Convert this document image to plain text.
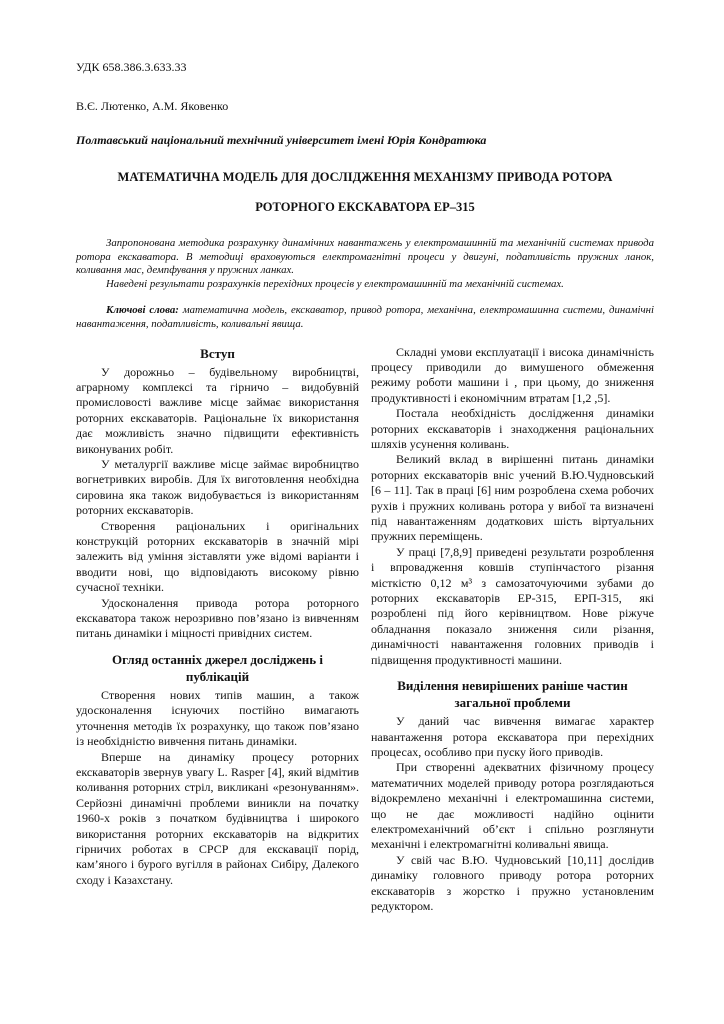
УДК 658.386.3.633.33

В.Є. Лютенко, А.М. Яковенко

Полтавський національний технічний університет імені Юрія Кондратюка

МАТЕМАТИЧНА МОДЕЛЬ ДЛЯ ДОСЛІДЖЕННЯ МЕХАНІЗМУ ПРИВОДА РОТОРА
РОТОРНОГО ЕКСКАВАТОРА ЕР–315

Запропонована методика розрахунку динамічних навантажень у електромашинній та механічній системах привода ротора екскаватора. В методиці враховуються електромагнітні процеси у двигуні, податливість пружних ланок, коливання мас, демпфування у пружних ланках.

Наведені результати розрахунків перехідних процесів у електромашинній та механічній системах.

Ключові слова: математична модель, екскаватор, привод ротора, механічна, електромашинна системи, динамічні навантаження, податливість, коливальні явища.

Вступ

У дорожньо – будівельному виробництві, аграрному комплексі та гірничо – видобувній промисловості важливе місце займає використання роторних екскаваторів. Раціональне їх використання дає можливість значно підвищити ефективність виконуваних робіт.

У металургії важливе місце займає виробництво вогнетривких виробів. Для їх виготовлення необхідна сировина яка також видобувається із використанням роторних екскаваторів.

Створення раціональних і оригінальних конструкцій роторних екскаваторів в значній мірі залежить від уміння зіставляти уже відомі варіанти і вводити нові, що відповідають високому рівню сучасної техніки.

Удосконалення привода ротора роторного екскаватора також нерозривно пов’язано із вивченням питань динаміки і міцності привідних систем.

Огляд останніх джерел досліджень і публікацій

Створення нових типів машин, а також удосконалення існуючих постійно вимагають уточнення методів їх розрахунку, що також пов’язано із необхідністю вивчення питань динаміки.

Вперше на динаміку процесу роторних екскаваторів звернув увагу L. Rasper [4], який відмітив коливання роторних стріл, викликані «резонуванням». Серйозні динамічні проблеми виникли на початку 1960-х років з початком будівництва і широкого використання роторних екскаваторів на відкритих гірничих роботах в СРСР для екскавації порід, кам’яного і бурого вугілля в районах Сибіру, Далекого сходу і Казахстану.

Складні умови експлуатації і висока динамічність процесу приводили до вимушеного обмеження режиму роботи машини і , при цьому, до зниження продуктивності і економічним втратам [1,2 ,5].

Постала необхідність дослідження динаміки роторних екскаваторів і знаходження раціональних шляхів усунення коливань.

Великий вклад в вирішенні питань динаміки роторних екскаваторів вніс учений В.Ю.Чудновський [6 – 11]. Так в праці [6] ним розроблена схема робочих рухів і пружних коливань ротора у вибої та визначені під навантаженням додаткових шість віртуальних пружних переміщень.

У праці [7,8,9] приведені результати розроблення і впровадження ковшів ступінчастого різання місткістю 0,12 м³ з самозаточуючими зубами до роторних екскаваторів ЕР-315, ЕРП-315, які розроблені під його керівництвом. Нове ріжуче обладнання показало зниження сили різання, динамічності навантаження головних приводів і підвищення продуктивності машини.

Виділення невирішених раніше частин загальної проблеми

У даний час вивчення вимагає характер навантаження ротора екскаватора при перехідних процесах, особливо при пуску його приводів.

При створенні адекватних фізичному процесу математичних моделей приводу ротора розглядаються відокремлено механічні і електромашинна системи, що не дає можливості надійно оцінити електромеханічний об’єкт і спільно розглянути механічні і електромагнітні коливальні явища.

У свій час В.Ю. Чудновський [10,11] дослідив динаміку головного приводу ротора роторних екскаваторів з жорстко і пружно установленим редуктором.
